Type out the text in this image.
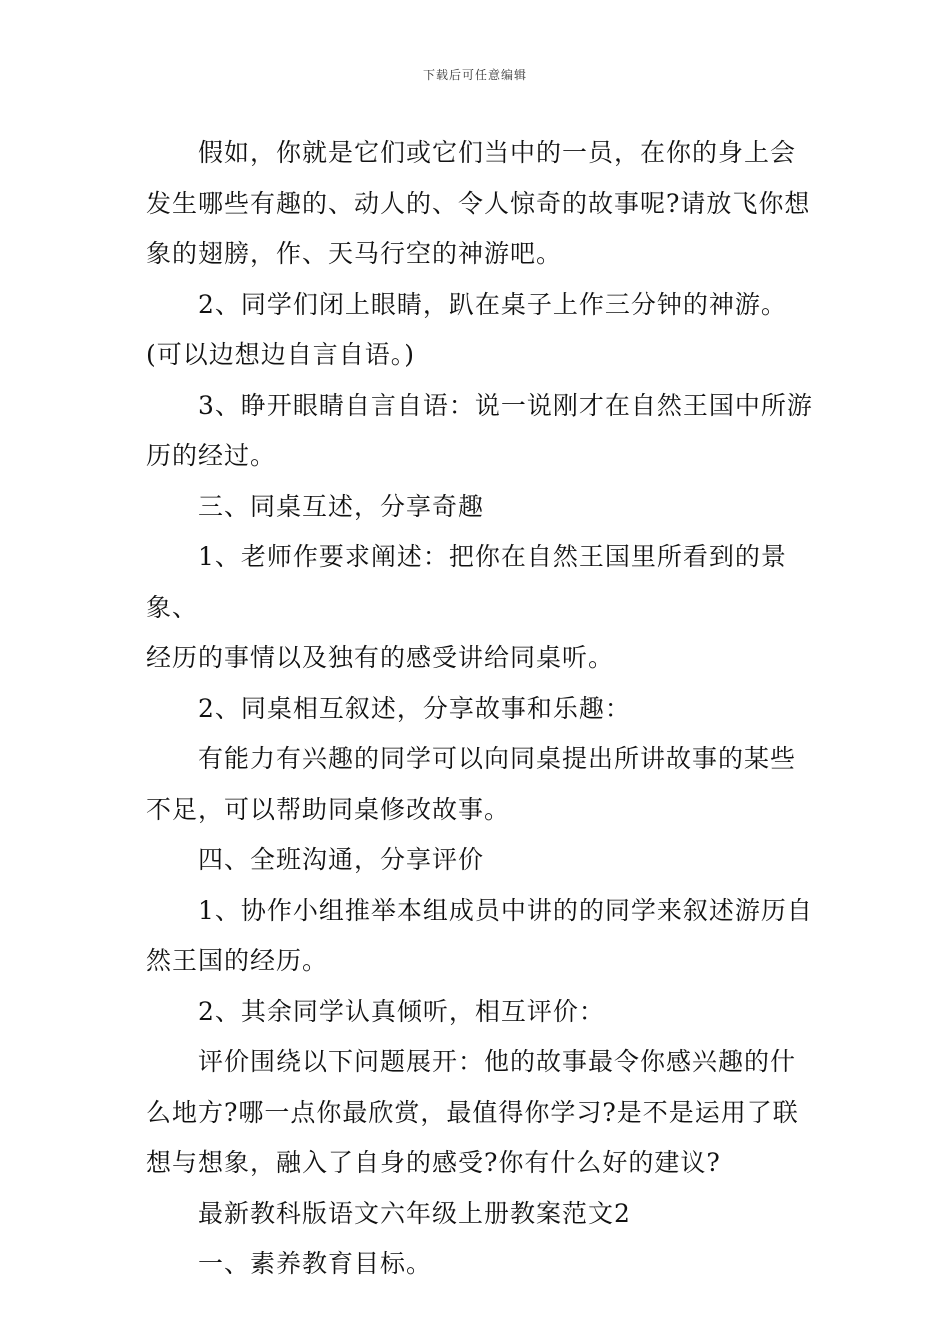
下载后可任意编辑

假如，你就是它们或它们当中的一员，在你的身上会

发生哪些有趣的、动人的、令人惊奇的故事呢?请放飞你想

象的翅膀，作、天马行空的神游吧。

2、同学们闭上眼睛，趴在桌子上作三分钟的神游。

(可以边想边自言自语。)

3、睁开眼睛自言自语：说一说刚才在自然王国中所游

历的经过。

三、同桌互述，分享奇趣

1、老师作要求阐述：把你在自然王国里所看到的景象、

经历的事情以及独有的感受讲给同桌听。

2、同桌相互叙述，分享故事和乐趣：

有能力有兴趣的同学可以向同桌提出所讲故事的某些

不足，可以帮助同桌修改故事。

四、全班沟通，分享评价

1、协作小组推举本组成员中讲的的同学来叙述游历自

然王国的经历。

2、其余同学认真倾听，相互评价：

评价围绕以下问题展开：他的故事最令你感兴趣的什

么地方?哪一点你最欣赏，最值得你学习?是不是运用了联

想与想象，融入了自身的感受?你有什么好的建议?

最新教科版语文六年级上册教案范文2

一、素养教育目标。
